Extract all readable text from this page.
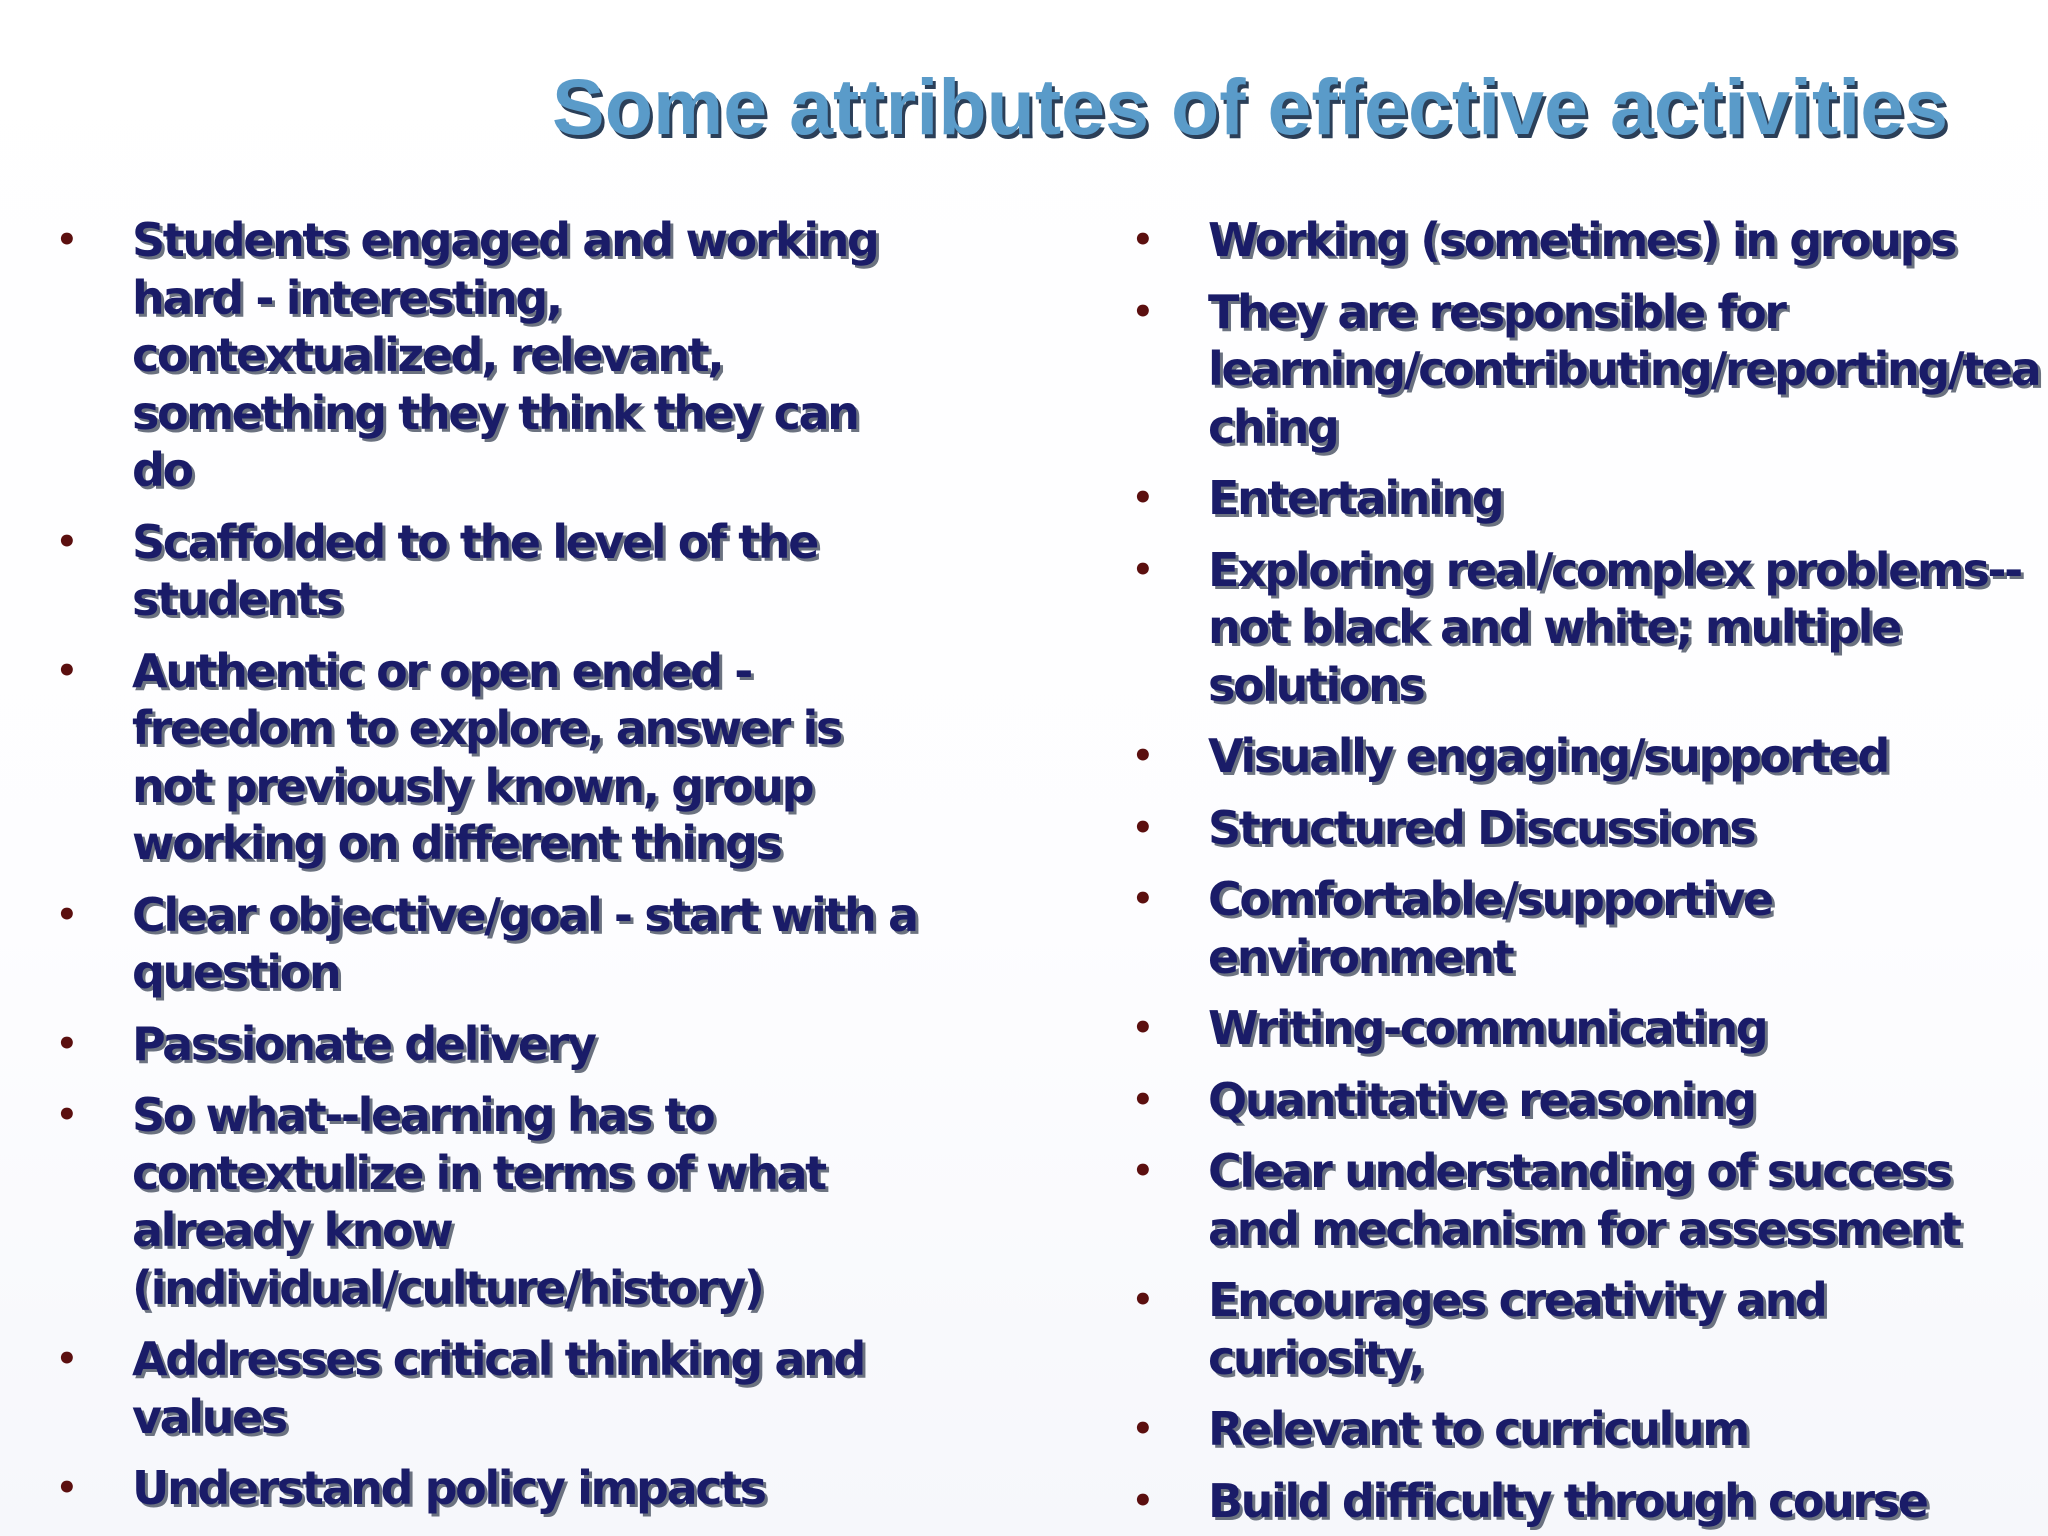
Some attributes of effective activities
• Students engaged and working hard - interesting, contextualized, relevant, something they think they can do
• Scaffolded to the level of the students
• Authentic or open ended - freedom to explore, answer is not previously known, group working on different things
• Clear objective/goal - start with a question
• Passionate delivery
• So what--learning has to contextulize in terms of what already know (individual/culture/history)
• Addresses critical thinking and values
• Understand policy impacts
• Working (sometimes) in groups
• They are responsible for learning/contributing/reporting/teaching
• Entertaining
• Exploring real/complex problems--not black and white; multiple solutions
• Visually engaging/supported
• Structured Discussions
• Comfortable/supportive environment
• Writing-communicating
• Quantitative reasoning
• Clear understanding of success and mechanism for assessment
• Encourages creativity and curiosity,
• Relevant to curriculum
• Build difficulty through course
